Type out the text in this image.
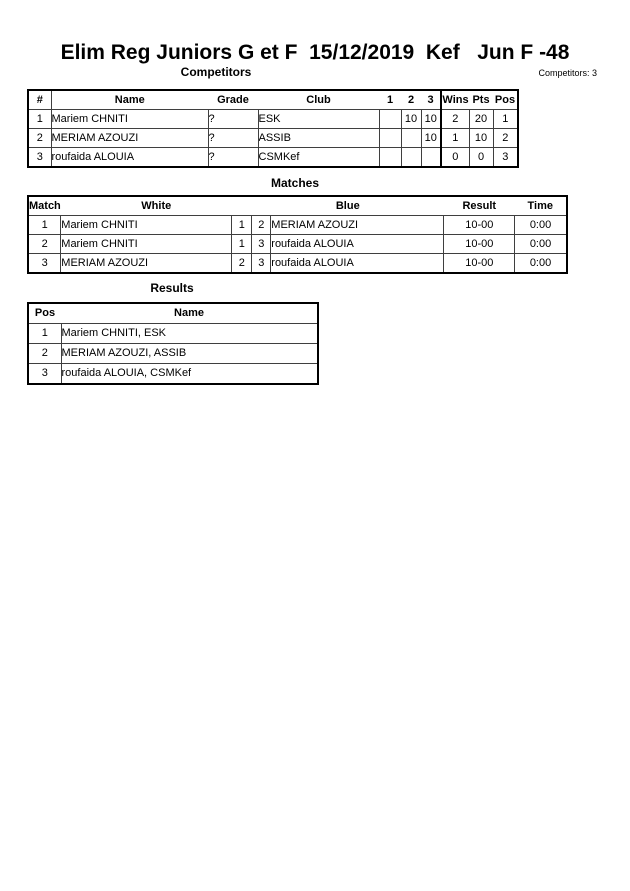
Elim Reg Juniors G et F  15/12/2019  Kef   Jun F -48
Competitors	Competitors: 3
#	Name	Grade	Club	1	2	3	Wins	Pts	Pos
1	Mariem CHNITI	?	ESK		10	10	2	20	1
2	MERIAM AZOUZI	?	ASSIB			10	1	10	2
3	roufaida ALOUIA	?	CSMKef				0	0	3
Matches
Match	White		Blue		Result	Time
1	Mariem CHNITI	1	2	MERIAM AZOUZI	10-00	0:00
2	Mariem CHNITI	1	3	roufaida ALOUIA	10-00	0:00
3	MERIAM AZOUZI	2	3	roufaida ALOUIA	10-00	0:00
Results
Pos	Name
1	Mariem CHNITI, ESK
2	MERIAM AZOUZI, ASSIB
3	roufaida ALOUIA, CSMKef
